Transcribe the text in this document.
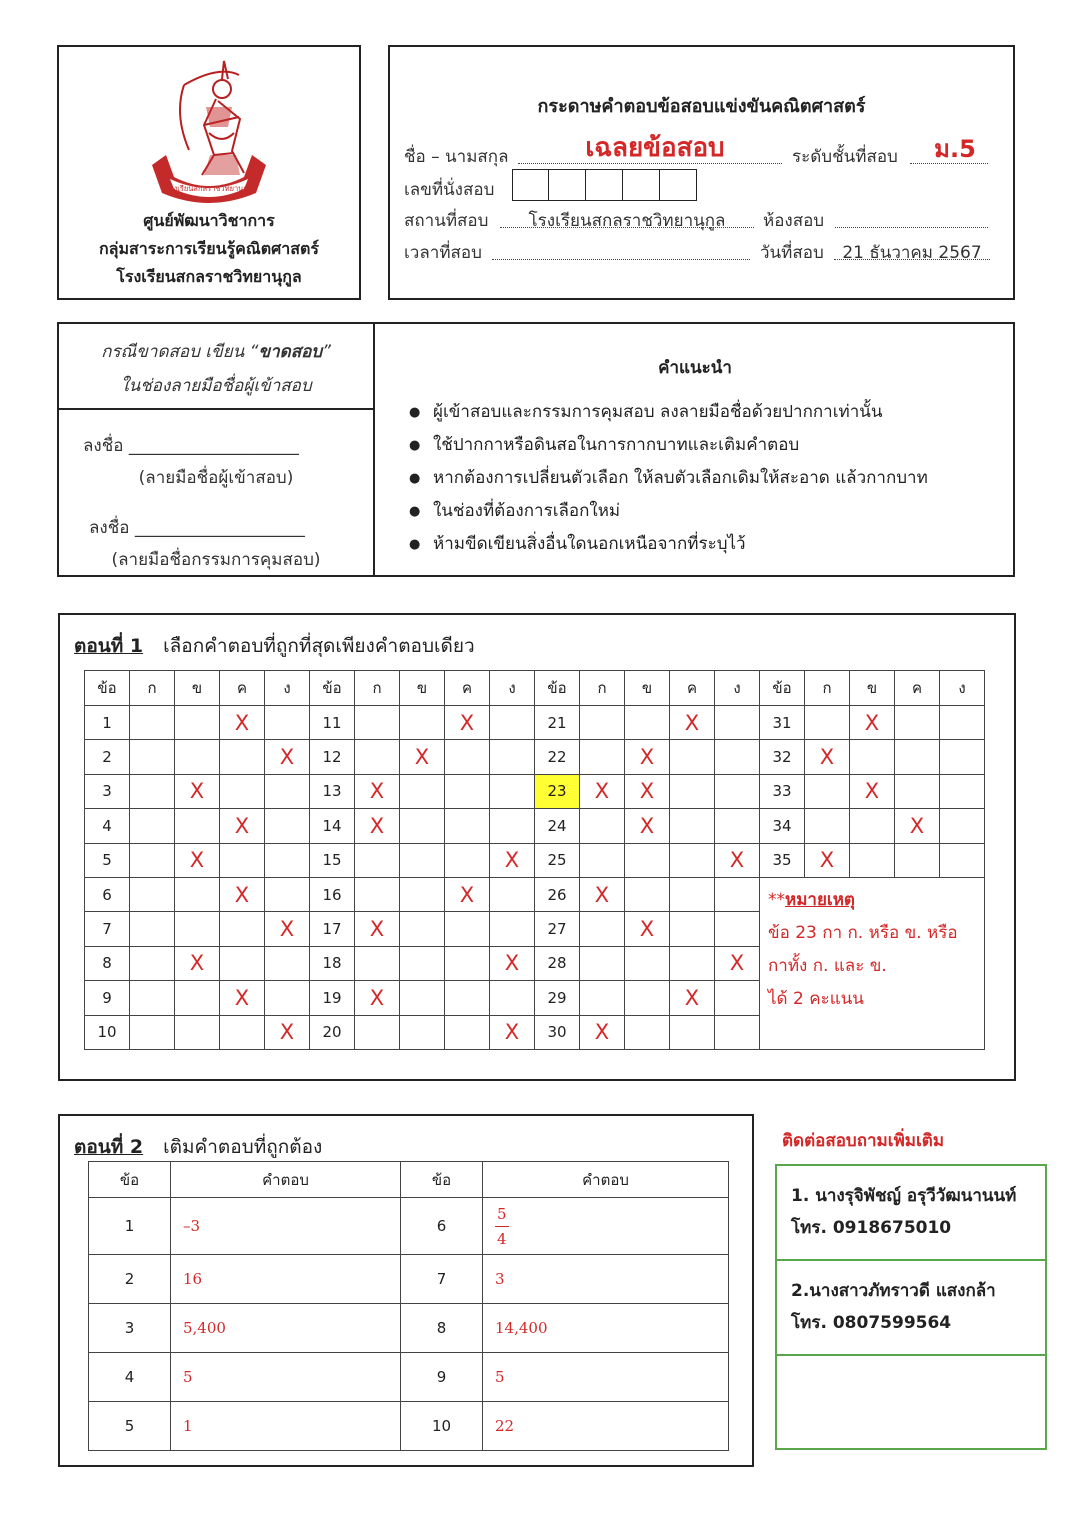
โรงเรียนสกลราชวิทยานุกูล
ศูนย์พัฒนาวิชาการ
กลุ่มสาระการเรียนรู้คณิตศาสตร์
โรงเรียนสกลราชวิทยานุกูล
กระดาษคำตอบข้อสอบแข่งขันคณิตศาสตร์
ชื่อ – นามสกุล	เฉลยข้อสอบ	ระดับชั้นที่สอบ	ม.5
เลขที่นั่งสอบ
สถานที่สอบ	โรงเรียนสกลราชวิทยานุกูล	ห้องสอบ
เวลาที่สอบ	วันที่สอบ	21 ธันวาคม 2567
กรณีขาดสอบ เขียน “ขาดสอบ”
ในช่องลายมือชื่อผู้เข้าสอบ
ลงชื่อ ____________________
(ลายมือชื่อผู้เข้าสอบ)
ลงชื่อ ____________________
(ลายมือชื่อกรรมการคุมสอบ)
คำแนะนำ
● ผู้เข้าสอบและกรรมการคุมสอบ ลงลายมือชื่อด้วยปากกาเท่านั้น
● ใช้ปากกาหรือดินสอในการกากบาทและเติมคำตอบ
● หากต้องการเปลี่ยนตัวเลือก ให้ลบตัวเลือกเดิมให้สะอาด แล้วกากบาท
● ในช่องที่ต้องการเลือกใหม่
● ห้ามขีดเขียนสิ่งอื่นใดนอกเหนือจากที่ระบุไว้
ตอนที่ 1 เลือกคำตอบที่ถูกที่สุดเพียงคำตอบเดียว
ข้อ	ก	ข	ค	ง	ข้อ	ก	ข	ค	ง	ข้อ	ก	ข	ค	ง	ข้อ	ก	ข	ค	ง
1			X		11			X		21			X		31		X		
2				X	12		X			22		X			32	X			
3		X			13	X				23	X	X			33		X		
4			X		14	X				24		X			34			X	
5		X			15				X	25				X	35	X			
6			X		16			X		26	X				**หมายเหตุ
ข้อ 23 กา ก. หรือ ข. หรือ
กาทั้ง ก. และ ข.
ได้ 2 คะแนน				

7				X	17	X				27		X							
8		X			18				X	28				X					
9			X		19	X				29			X						
10				X	20				X	30	X								
ตอนที่ 2 เติมคำตอบที่ถูกต้อง
ข้อ	คำตอบ	ข้อ	คำตอบ
1	–3	6	$\frac{5}{4}$

2	16	7	3
3	5,400	8	14,400
4	5	9	5
5	1	10	22
ติดต่อสอบถามเพิ่มเติม
1. นางรุจิพัชญ์ อรุวีวัฒนานนท์
โทร. 0918675010
2.นางสาวภัทราวดี แสงกล้า
โทร. 0807599564
